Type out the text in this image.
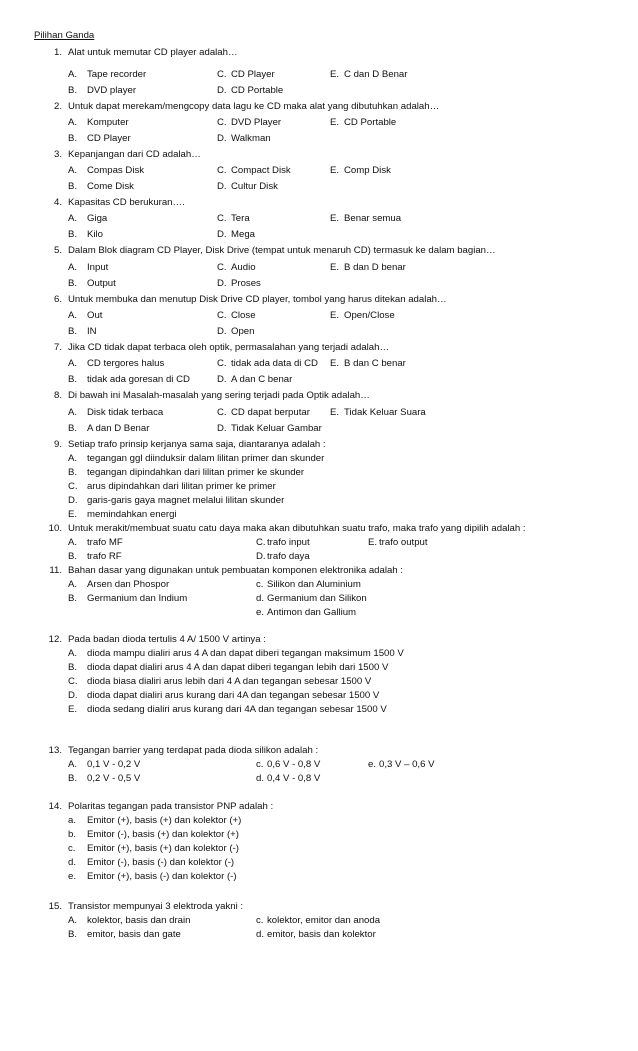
Pilihan Ganda
1. Alat untuk memutar CD player adalah…
A. Tape recorder	C. CD Player	E. C dan D Benar
B. DVD player	D. CD Portable
2. Untuk dapat merekam/mengcopy data lagu ke CD maka alat yang dibutuhkan adalah…
A. Komputer	C. DVD Player	E. CD Portable
B. CD Player	D. Walkman
3. Kepanjangan dari CD adalah…
A. Compas Disk	C. Compact Disk	E. Comp Disk
B. Come Disk	D. Cultur Disk
4. Kapasitas CD berukuran….
A. Giga	C. Tera	E. Benar semua
B. Kilo	D. Mega
5. Dalam Blok diagram CD Player, Disk Drive (tempat untuk menaruh CD) termasuk ke dalam bagian…
A. Input	C. Audio	E. B dan D benar
B. Output	D. Proses
6. Untuk membuka dan menutup Disk Drive CD player, tombol yang harus ditekan adalah…
A. Out	C. Close	E. Open/Close
B. IN	D. Open
7. Jika CD tidak dapat terbaca oleh optik, permasalahan yang terjadi adalah…
A. CD tergores halus	C. tidak ada data di CD E. B dan C benar
B. tidak ada goresan di CD	D. A dan C benar
8. Di bawah ini Masalah-masalah yang sering terjadi pada Optik adalah…
A. Disk tidak terbaca	C. CD dapat berputar E. Tidak Keluar Suara
B. A dan D Benar	D. Tidak Keluar Gambar
9. Setiap trafo prinsip kerjanya sama saja, diantaranya adalah :
A. tegangan ggl diinduksir dalam lilitan primer dan skunder
B. tegangan dipindahkan dari lilitan primer ke skunder
C. arus dipindahkan dari lilitan primer ke primer
D. garis-garis gaya magnet melalui lilitan skunder
E. memindahkan energi
10. Untuk merakit/membuat suatu catu daya maka akan dibutuhkan suatu trafo, maka trafo yang dipilih adalah :
A. trafo MF	C. trafo input	E. trafo output
B. trafo RF	D. trafo daya
11. Bahan dasar yang digunakan untuk pembuatan komponen elektronika adalah :
A. Arsen dan Phospor	c. Silikon dan Aluminium
B. Germanium dan Indium	d. Germanium dan Silikon
e. Antimon dan Gallium
12. Pada badan dioda tertulis 4 A/ 1500 V artinya :
A. dioda mampu dialiri arus 4 A dan dapat diberi tegangan maksimum 1500 V
B. dioda dapat dialiri arus 4 A dan dapat diberi tegangan lebih dari 1500 V
C. dioda biasa dialiri arus lebih dari 4 A dan tegangan sebesar 1500 V
D. dioda dapat dialiri arus kurang dari 4A dan tegangan sebesar 1500 V
E. dioda sedang dialiri arus kurang dari 4A dan tegangan sebesar 1500 V
13. Tegangan barrier yang terdapat pada dioda silikon adalah :
A. 0,1 V - 0,2 V	c. 0,6 V - 0,8 V	e. 0,3 V – 0,6 V
B. 0,2 V - 0,5 V	d. 0,4 V - 0,8 V
14. Polaritas tegangan pada transistor PNP adalah :
a. Emitor (+), basis (+) dan kolektor (+)
b. Emitor (-), basis (+) dan kolektor (+)
c. Emitor (+), basis (+) dan kolektor (-)
d. Emitor (-), basis (-) dan kolektor (-)
e. Emitor (+), basis (-) dan kolektor (-)
15. Transistor mempunyai 3 elektroda yakni :
A. kolektor, basis dan drain	c. kolektor, emitor dan anoda
B. emitor, basis dan gate	d. emitor, basis dan kolektor
